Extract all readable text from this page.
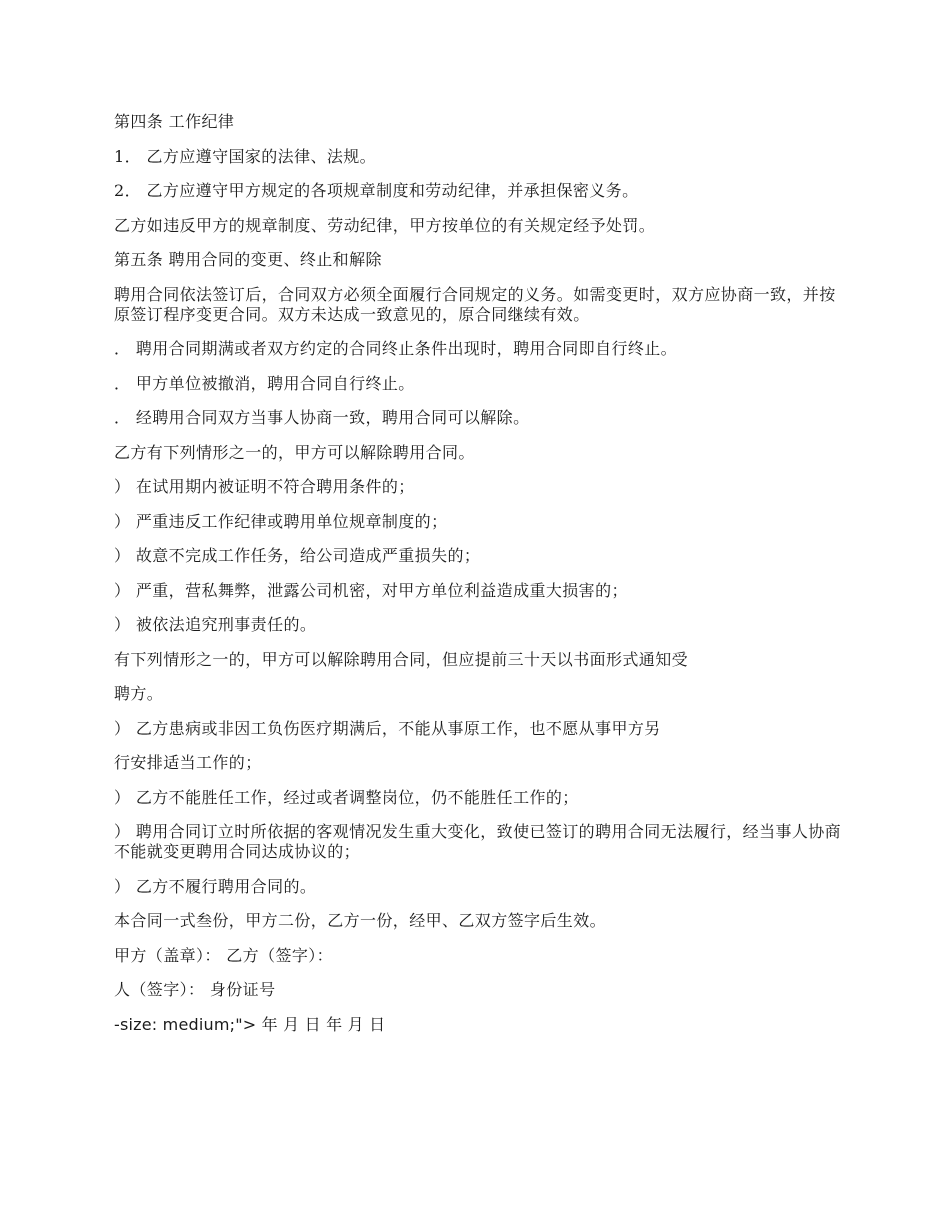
第四条 工作纪律

1． 乙方应遵守国家的法律、法规。

2． 乙方应遵守甲方规定的各项规章制度和劳动纪律，并承担保密义务。

乙方如违反甲方的规章制度、劳动纪律，甲方按单位的有关规定经予处罚。

第五条 聘用合同的变更、终止和解除

聘用合同依法签订后，合同双方必须全面履行合同规定的义务。如需变更时，双方应协商一致，并按原签订程序变更合同。双方未达成一致意见的，原合同继续有效。

． 聘用合同期满或者双方约定的合同终止条件出现时，聘用合同即自行终止。

． 甲方单位被撤消，聘用合同自行终止。

． 经聘用合同双方当事人协商一致，聘用合同可以解除。

乙方有下列情形之一的，甲方可以解除聘用合同。

） 在试用期内被证明不符合聘用条件的；

） 严重违反工作纪律或聘用单位规章制度的；

） 故意不完成工作任务，给公司造成严重损失的；

） 严重，营私舞弊，泄露公司机密，对甲方单位利益造成重大损害的；

） 被依法追究刑事责任的。

有下列情形之一的，甲方可以解除聘用合同，但应提前三十天以书面形式通知受

聘方。

） 乙方患病或非因工负伤医疗期满后，不能从事原工作，也不愿从事甲方另

行安排适当工作的；

） 乙方不能胜任工作，经过或者调整岗位，仍不能胜任工作的；

） 聘用合同订立时所依据的客观情况发生重大变化，致使已签订的聘用合同无法履行，经当事人协商不能就变更聘用合同达成协议的；

） 乙方不履行聘用合同的。

本合同一式叁份，甲方二份，乙方一份，经甲、乙双方签字后生效。

甲方（盖章）： 乙方（签字）：

人（签字）： 身份证号

-size: medium;"> 年 月 日 年 月 日
